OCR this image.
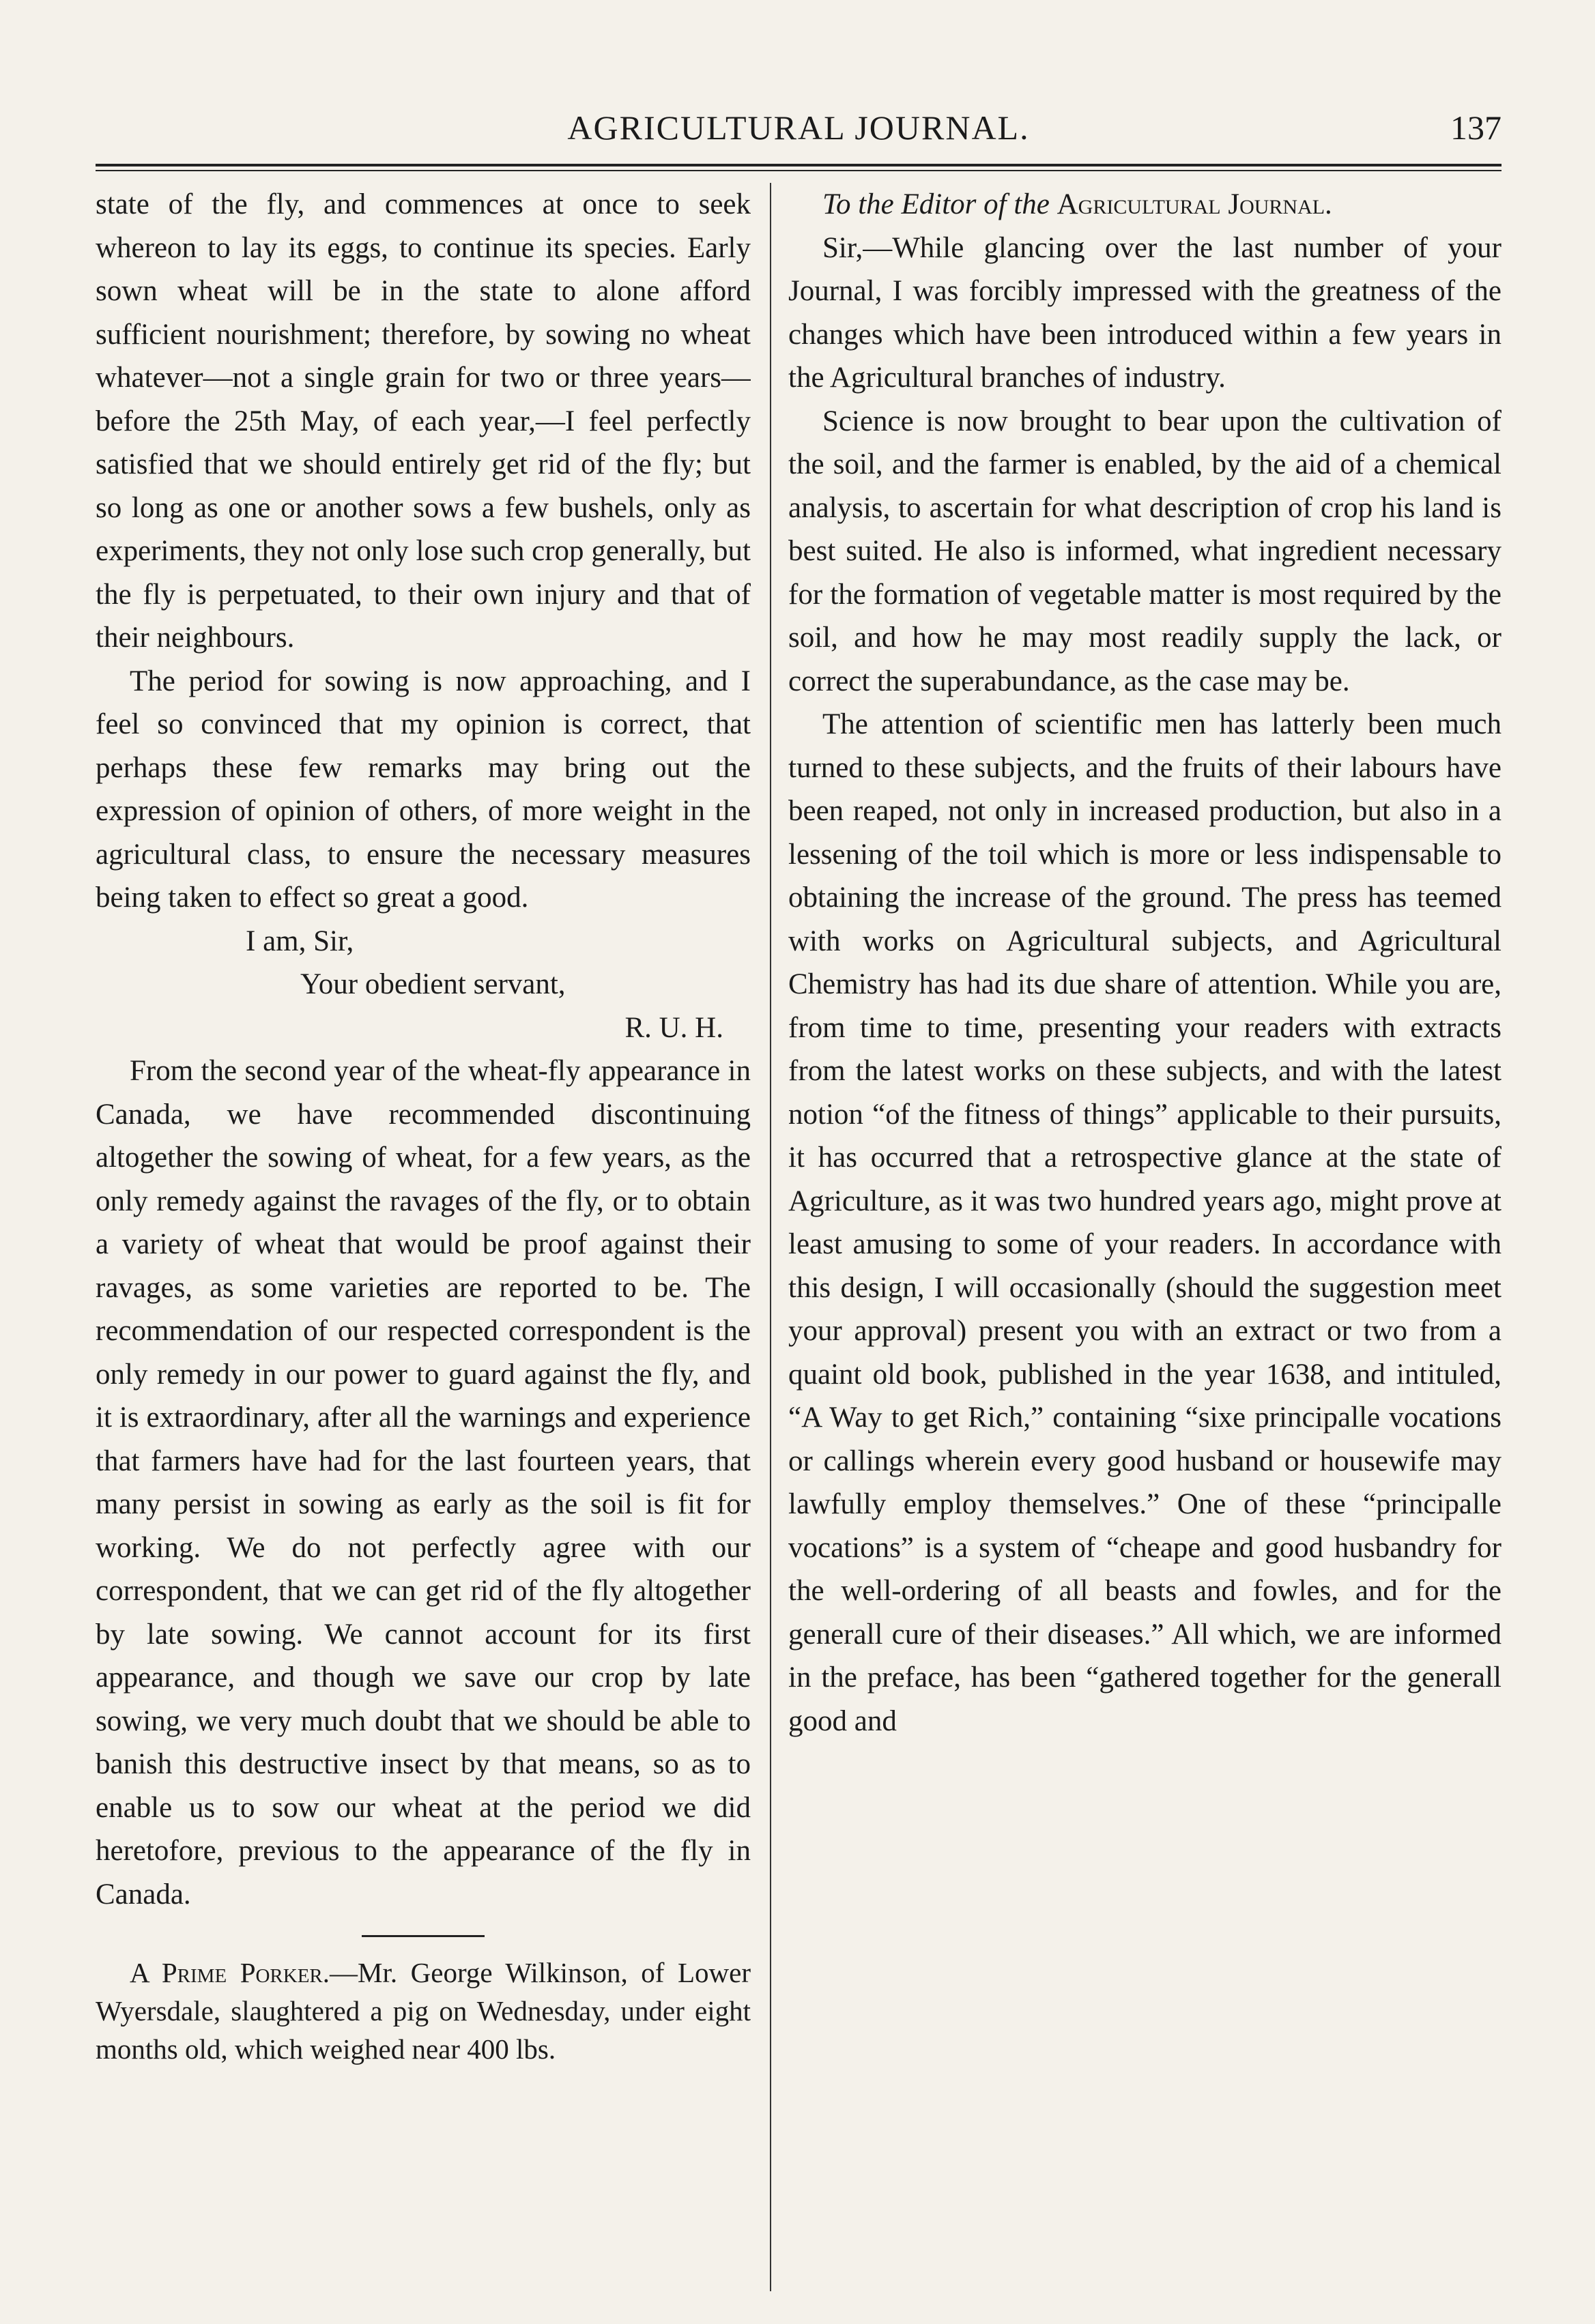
AGRICULTURAL JOURNAL.	137

state of the fly, and commences at once to seek whereon to lay its eggs, to continue its species. Early sown wheat will be in the state to alone afford sufficient nourishment; therefore, by sowing no wheat whatever—not a single grain for two or three years—before the 25th May, of each year,—I feel perfectly satisfied that we should entirely get rid of the fly; but so long as one or another sows a few bushels, only as experiments, they not only lose such crop generally, but the fly is perpetuated, to their own injury and that of their neighbours.

The period for sowing is now approaching, and I feel so convinced that my opinion is correct, that perhaps these few remarks may bring out the expression of opinion of others, of more weight in the agricultural class, to ensure the necessary measures being taken to effect so great a good.

I am, Sir,

Your obedient servant,

R. U. H.

From the second year of the wheat-fly appearance in Canada, we have recommended discontinuing altogether the sowing of wheat, for a few years, as the only remedy against the ravages of the fly, or to obtain a variety of wheat that would be proof against their ravages, as some varieties are reported to be. The recommendation of our respected correspondent is the only remedy in our power to guard against the fly, and it is extraordinary, after all the warnings and experience that farmers have had for the last fourteen years, that many persist in sowing as early as the soil is fit for working. We do not perfectly agree with our correspondent, that we can get rid of the fly altogether by late sowing. We cannot account for its first appearance, and though we save our crop by late sowing, we very much doubt that we should be able to banish this destructive insect by that means, so as to enable us to sow our wheat at the period we did heretofore, previous to the appearance of the fly in Canada.

A Prime Porker.—Mr. George Wilkinson, of Lower Wyersdale, slaughtered a pig on Wednesday, under eight months old, which weighed near 400 lbs.

To the Editor of the Agricultural Journal.

Sir,—While glancing over the last number of your Journal, I was forcibly impressed with the greatness of the changes which have been introduced within a few years in the Agricultural branches of industry.

Science is now brought to bear upon the cultivation of the soil, and the farmer is enabled, by the aid of a chemical analysis, to ascertain for what description of crop his land is best suited. He also is informed, what ingredient necessary for the formation of vegetable matter is most required by the soil, and how he may most readily supply the lack, or correct the superabundance, as the case may be.

The attention of scientific men has latterly been much turned to these subjects, and the fruits of their labours have been reaped, not only in increased production, but also in a lessening of the toil which is more or less indispensable to obtaining the increase of the ground. The press has teemed with works on Agricultural subjects, and Agricultural Chemistry has had its due share of attention. While you are, from time to time, presenting your readers with extracts from the latest works on these subjects, and with the latest notion “of the fitness of things” applicable to their pursuits, it has occurred that a retrospective glance at the state of Agriculture, as it was two hundred years ago, might prove at least amusing to some of your readers. In accordance with this design, I will occasionally (should the suggestion meet your approval) present you with an extract or two from a quaint old book, published in the year 1638, and intituled, “A Way to get Rich,” containing “sixe principalle vocations or callings wherein every good husband or housewife may lawfully employ themselves.” One of these “principalle vocations” is a system of “cheape and good husbandry for the well-ordering of all beasts and fowles, and for the generall cure of their diseases.” All which, we are informed in the preface, has been “gathered together for the generall good and
